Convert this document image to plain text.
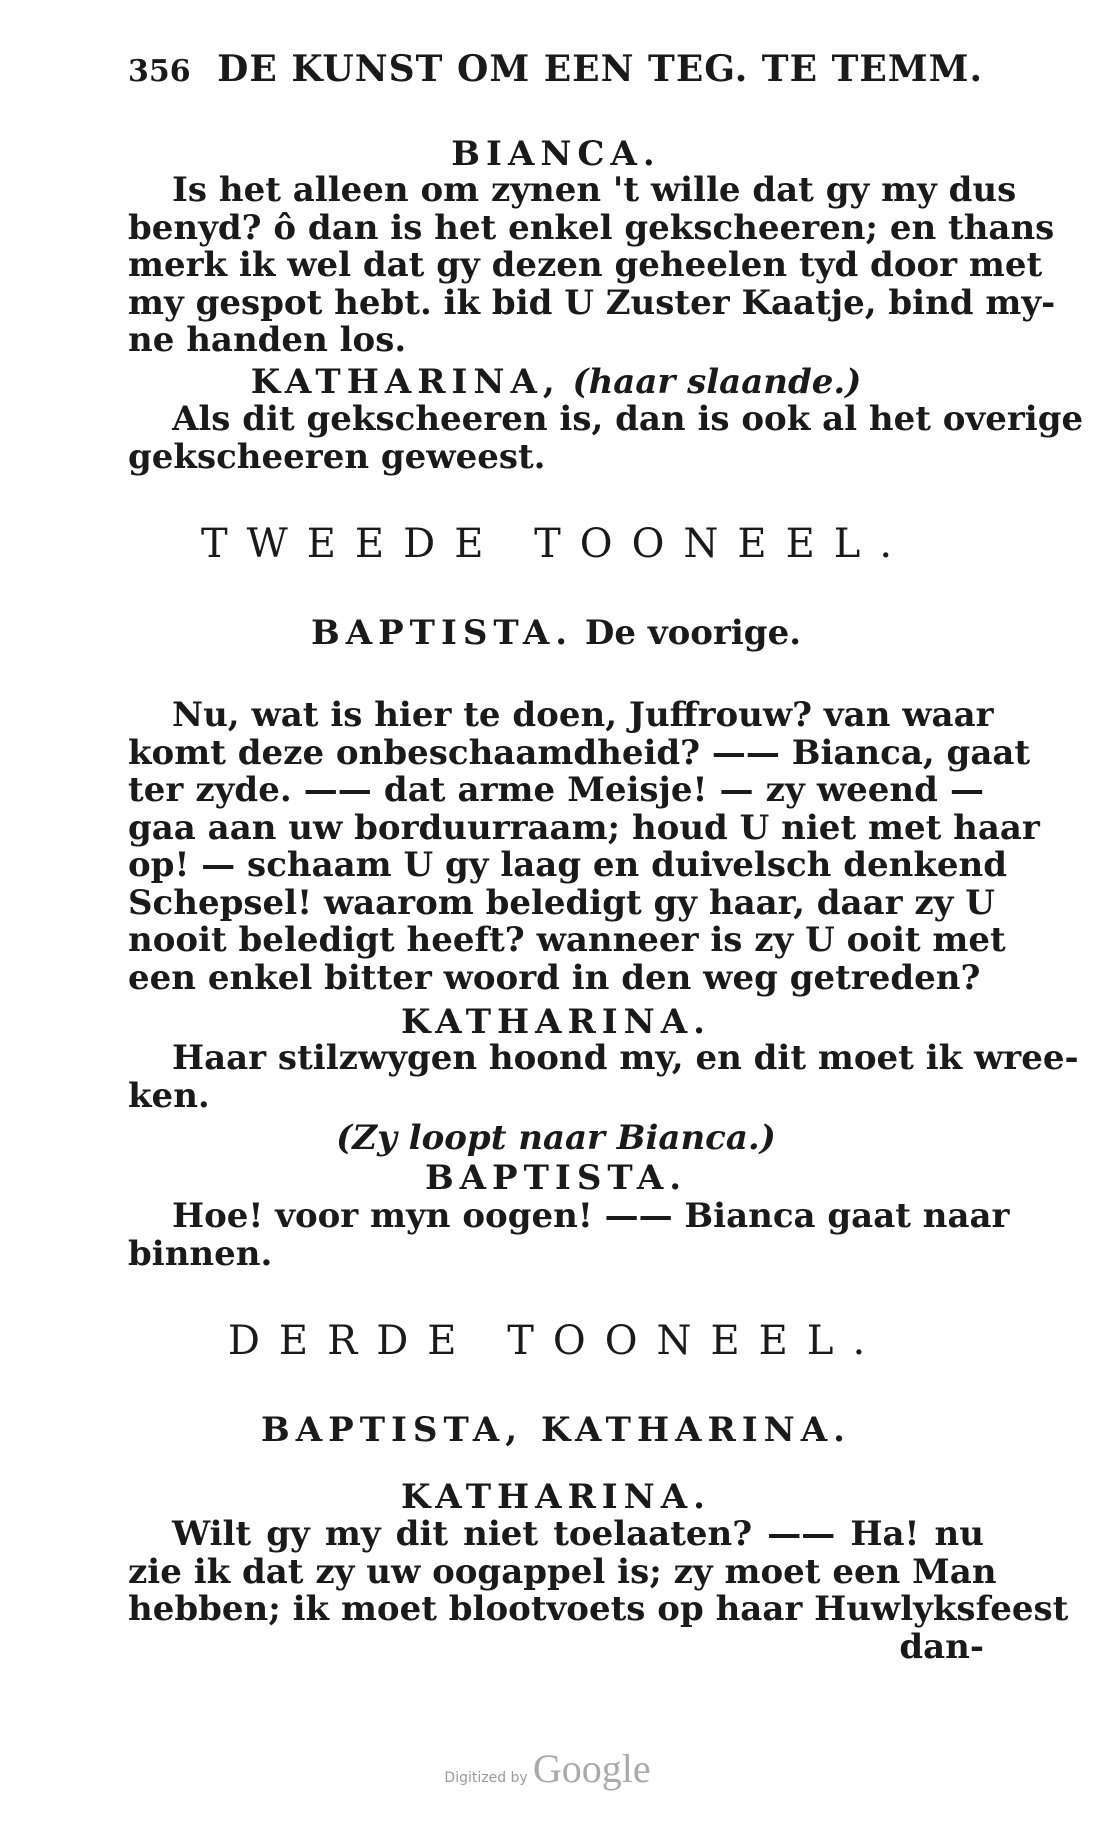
356 DE KUNST OM EEN TEG. TE TEMM.
BIANCA.
Is het alleen om zynen 't wille dat gy my dus
benyd? ô dan is het enkel gekscheeren; en thans
merk ik wel dat gy dezen geheelen tyd door met
my gespot hebt. ik bid U Zuster Kaatje, bind my-
ne handen los.
KATHARINA, (haar slaande.)
Als dit gekscheeren is, dan is ook al het overige
gekscheeren geweest.
TWEEDE TOONEEL.
BAPTISTA. De voorige.
Nu, wat is hier te doen, Juffrouw? van waar
komt deze onbeschaamdheid? —— Bianca, gaat
ter zyde. —— dat arme Meisje! — zy weend —
gaa aan uw borduurraam; houd U niet met haar
op! — schaam U gy laag en duivelsch denkend
Schepsel! waarom beledigt gy haar, daar zy U
nooit beledigt heeft? wanneer is zy U ooit met
een enkel bitter woord in den weg getreden?
KATHARINA.
Haar stilzwygen hoond my, en dit moet ik wree-
ken.
(Zy loopt naar Bianca.)
BAPTISTA.
Hoe! voor myn oogen! —— Bianca gaat naar
binnen.
DERDE TOONEEL.
BAPTISTA, KATHARINA.
KATHARINA.
Wilt gy my dit niet toelaaten? —— Ha! nu
zie ik dat zy uw oogappel is; zy moet een Man
hebben; ik moet blootvoets op haar Huwlyksfeest
dan-
Digitized by Google
